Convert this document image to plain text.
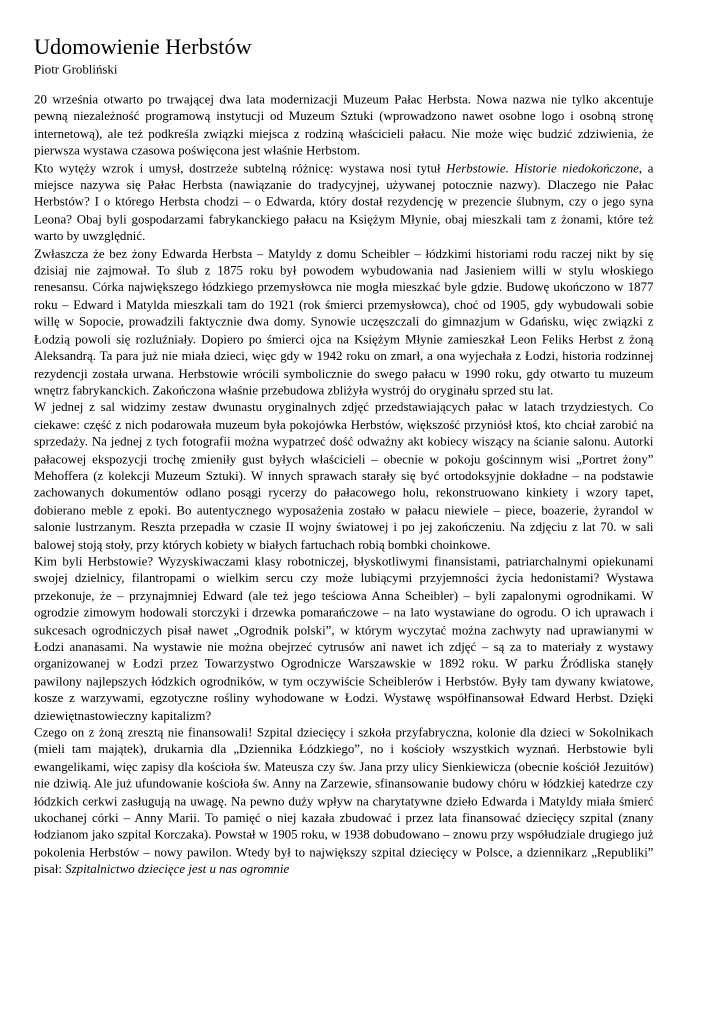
Udomowienie Herbstów

Piotr Grobliński

20 września otwarto po trwającej dwa lata modernizacji Muzeum Pałac Herbsta. Nowa nazwa nie tylko akcentuje pewną niezależność programową instytucji od Muzeum Sztuki (wprowadzono nawet osobne logo i osobną stronę internetową), ale też podkreśla związki miejsca z rodziną właścicieli pałacu. Nie może więc budzić zdziwienia, że pierwsza wystawa czasowa poświęcona jest właśnie Herbstom.

Kto wytęży wzrok i umysł, dostrzeże subtelną różnicę: wystawa nosi tytuł Herbstowie. Historie niedokończone, a miejsce nazywa się Pałac Herbsta (nawiązanie do tradycyjnej, używanej potocznie nazwy). Dlaczego nie Pałac Herbstów? I o którego Herbsta chodzi – o Edwarda, który dostał rezydencję w prezencie ślubnym, czy o jego syna Leona? Obaj byli gospodarzami fabrykanckiego pałacu na Księżym Młynie, obaj mieszkali tam z żonami, które też warto by uwzględnić.

Zwłaszcza że bez żony Edwarda Herbsta – Matyldy z domu Scheibler – łódzkimi historiami rodu raczej nikt by się dzisiaj nie zajmował. To ślub z 1875 roku był powodem wybudowania nad Jasieniem willi w stylu włoskiego renesansu. Córka największego łódzkiego przemysłowca nie mogła mieszkać byle gdzie. Budowę ukończono w 1877 roku – Edward i Matylda mieszkali tam do 1921 (rok śmierci przemysłowca), choć od 1905, gdy wybudowali sobie willę w Sopocie, prowadzili faktycznie dwa domy. Synowie uczęszczali do gimnazjum w Gdańsku, więc związki z Łodzią powoli się rozluźniały. Dopiero po śmierci ojca na Księżym Młynie zamieszkał Leon Feliks Herbst z żoną Aleksandrą. Ta para już nie miała dzieci, więc gdy w 1942 roku on zmarł, a ona wyjechała z Łodzi, historia rodzinnej rezydencji została urwana. Herbstowie wrócili symbolicznie do swego pałacu w 1990 roku, gdy otwarto tu muzeum wnętrz fabrykanckich. Zakończona właśnie przebudowa zbliżyła wystrój do oryginału sprzed stu lat.

W jednej z sal widzimy zestaw dwunastu oryginalnych zdjęć przedstawiających pałac w latach trzydziestych. Co ciekawe: część z nich podarowała muzeum była pokojówka Herbstów, większość przyniósł ktoś, kto chciał zarobić na sprzedaży. Na jednej z tych fotografii można wypatrzeć dość odważny akt kobiecy wiszący na ścianie salonu. Autorki pałacowej ekspozycji trochę zmieniły gust byłych właścicieli – obecnie w pokoju gościnnym wisi „Portret żony” Mehoffera (z kolekcji Muzeum Sztuki). W innych sprawach starały się być ortodoksyjnie dokładne – na podstawie zachowanych dokumentów odlano posągi rycerzy do pałacowego holu, rekonstruowano kinkiety i wzory tapet, dobierano meble z epoki. Bo autentycznego wyposażenia zostało w pałacu niewiele – piece, boazerie, żyrandol w salonie lustrzanym. Reszta przepadła w czasie II wojny światowej i po jej zakończeniu. Na zdjęciu z lat 70. w sali balowej stoją stoły, przy których kobiety w białych fartuchach robią bombki choinkowe.

Kim byli Herbstowie? Wyzyskiwaczami klasy robotniczej, błyskotliwymi finansistami, patriarchalnymi opiekunami swojej dzielnicy, filantropami o wielkim sercu czy może lubiącymi przyjemności życia hedonistami? Wystawa przekonuje, że – przynajmniej Edward (ale też jego teściowa Anna Scheibler) – byli zapalonymi ogrodnikami. W ogrodzie zimowym hodowali storczyki i drzewka pomarańczowe – na lato wystawiane do ogrodu. O ich uprawach i sukcesach ogrodniczych pisał nawet „Ogrodnik polski”, w którym wyczytać można zachwyty nad uprawianymi w Łodzi ananasami. Na wystawie nie można obejrzeć cytrusów ani nawet ich zdjęć – są za to materiały z wystawy organizowanej w Łodzi przez Towarzystwo Ogrodnicze Warszawskie w 1892 roku. W parku Źródliska stanęły pawilony najlepszych łódzkich ogrodników, w tym oczywiście Scheiblerów i Herbstów. Były tam dywany kwiatowe, kosze z warzywami, egzotyczne rośliny wyhodowane w Łodzi. Wystawę współfinansował Edward Herbst. Dzięki dziewiętnastowieczny kapitalizm?

Czego on z żoną zresztą nie finansowali! Szpital dziecięcy i szkoła przyfabryczna, kolonie dla dzieci w Sokolnikach (mieli tam majątek), drukarnia dla „Dziennika Łódzkiego”, no i kościoły wszystkich wyznań. Herbstowie byli ewangelikami, więc zapisy dla kościoła św. Mateusza czy św. Jana przy ulicy Sienkiewicza (obecnie kościół Jezuitów) nie dziwią. Ale już ufundowanie kościoła św. Anny na Zarzewie, sfinansowanie budowy chóru w łódzkiej katedrze czy łódzkich cerkwi zasługują na uwagę. Na pewno duży wpływ na charytatywne dzieło Edwarda i Matyldy miała śmierć ukochanej córki – Anny Marii. To pamięć o niej kazała zbudować i przez lata finansować dziecięcy szpital (znany łodzianom jako szpital Korczaka). Powstał w 1905 roku, w 1938 dobudowano – znowu przy współudziale drugiego już pokolenia Herbstów – nowy pawilon. Wtedy był to największy szpital dziecięcy w Polsce, a dziennikarz „Republiki” pisał: Szpitalnictwo dziecięce jest u nas ogromnie
